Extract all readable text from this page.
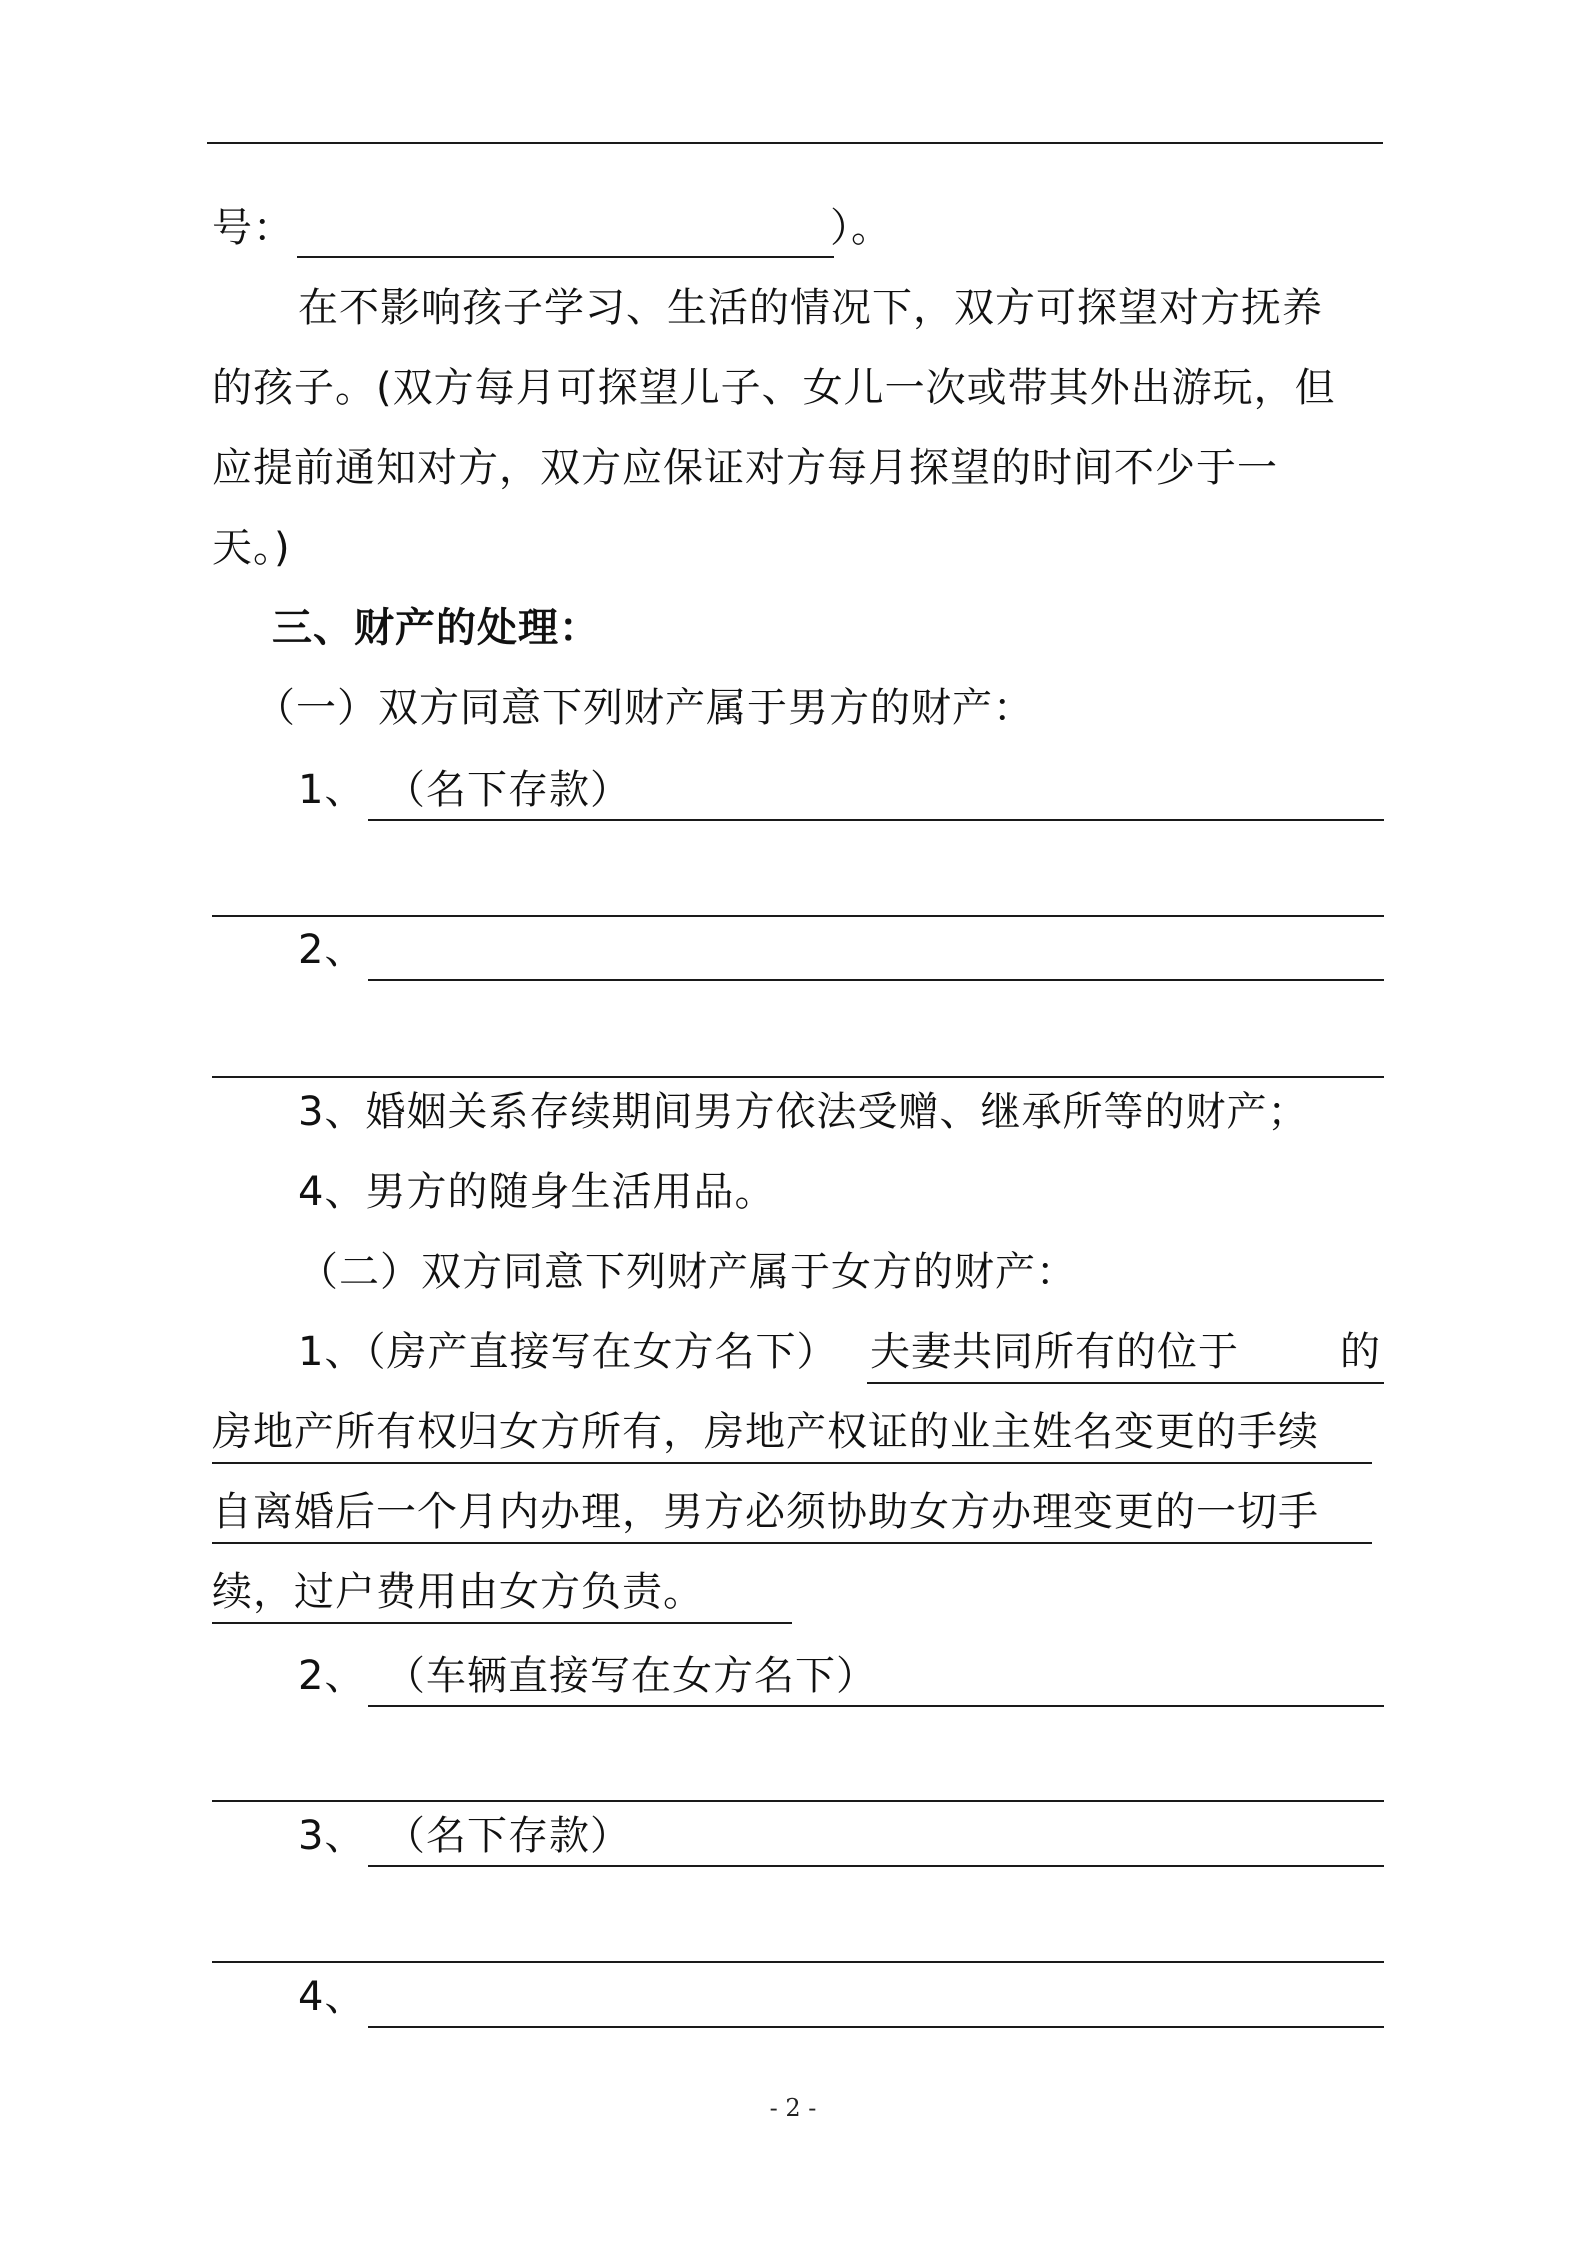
号：	）。
在不影响孩子学习、生活的情况下，双方可探望对方抚养
的孩子。(双方每月可探望儿子、女儿一次或带其外出游玩，但
应提前通知对方，双方应保证对方每月探望的时间不少于一
天。)
三、财产的处理：
（一）双方同意下列财产属于男方的财产：
1、 （名下存款）
2、
3、婚姻关系存续期间男方依法受赠、继承所等的财产；
4、男方的随身生活用品。
（二）双方同意下列财产属于女方的财产：
1、（房产直接写在女方名下） 夫妻共同所有的位于	的
房地产所有权归女方所有，房地产权证的业主姓名变更的手续
自离婚后一个月内办理，男方必须协助女方办理变更的一切手
续，过户费用由女方负责。
2、 （车辆直接写在女方名下）
3、 （名下存款）
4、
- 2 -
